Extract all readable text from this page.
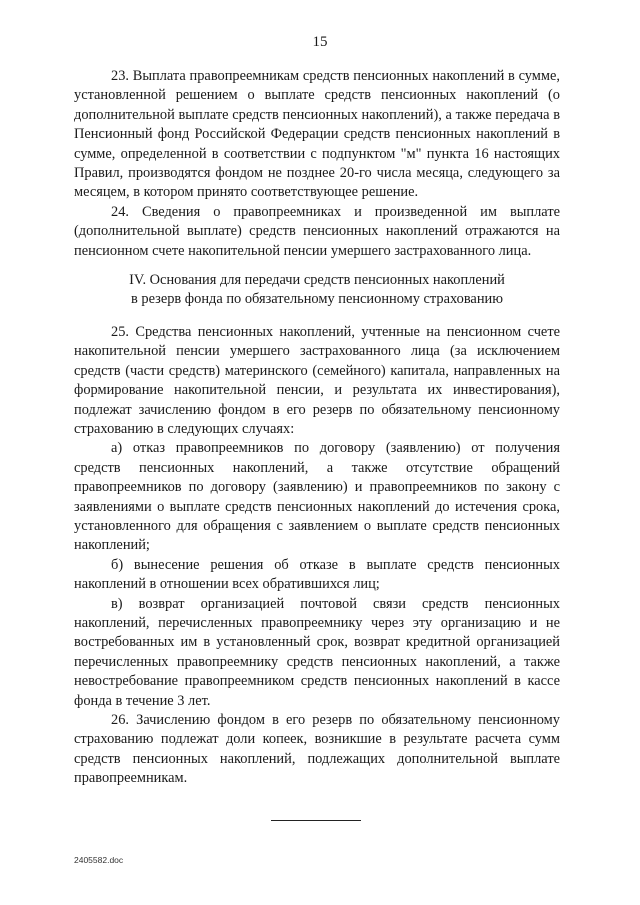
15

23. Выплата правопреемникам средств пенсионных накоплений в сумме, установленной решением о выплате средств пенсионных накоплений (о дополнительной выплате средств пенсионных накоплений), а также передача в Пенсионный фонд Российской Федерации средств пенсионных накоплений в сумме, определенной в соответствии с подпунктом "м" пункта 16 настоящих Правил, производятся фондом не позднее 20-го числа месяца, следующего за месяцем, в котором принято соответствующее решение.

24. Сведения о правопреемниках и произведенной им выплате (дополнительной выплате) средств пенсионных накоплений отражаются на пенсионном счете накопительной пенсии умершего застрахованного лица.

IV. Основания для передачи средств пенсионных накоплений
в резерв фонда по обязательному пенсионному страхованию

25. Средства пенсионных накоплений, учтенные на пенсионном счете накопительной пенсии умершего застрахованного лица (за исключением средств (части средств) материнского (семейного) капитала, направленных на формирование накопительной пенсии, и результата их инвестирования), подлежат зачислению фондом в его резерв по обязательному пенсионному страхованию в следующих случаях:

а) отказ правопреемников по договору (заявлению) от получения средств пенсионных накоплений, а также отсутствие обращений правопреемников по договору (заявлению) и правопреемников по закону с заявлениями о выплате средств пенсионных накоплений до истечения срока, установленного для обращения с заявлением о выплате средств пенсионных накоплений;

б) вынесение решения об отказе в выплате средств пенсионных накоплений в отношении всех обратившихся лиц;

в) возврат организацией почтовой связи средств пенсионных накоплений, перечисленных правопреемнику через эту организацию и не востребованных им в установленный срок, возврат кредитной организацией перечисленных правопреемнику средств пенсионных накоплений, а также невостребование правопреемником средств пенсионных накоплений в кассе фонда в течение 3 лет.

26. Зачислению фондом в его резерв по обязательному пенсионному страхованию подлежат доли копеек, возникшие в результате расчета сумм средств пенсионных накоплений, подлежащих дополнительной выплате правопреемникам.

2405582.doc
